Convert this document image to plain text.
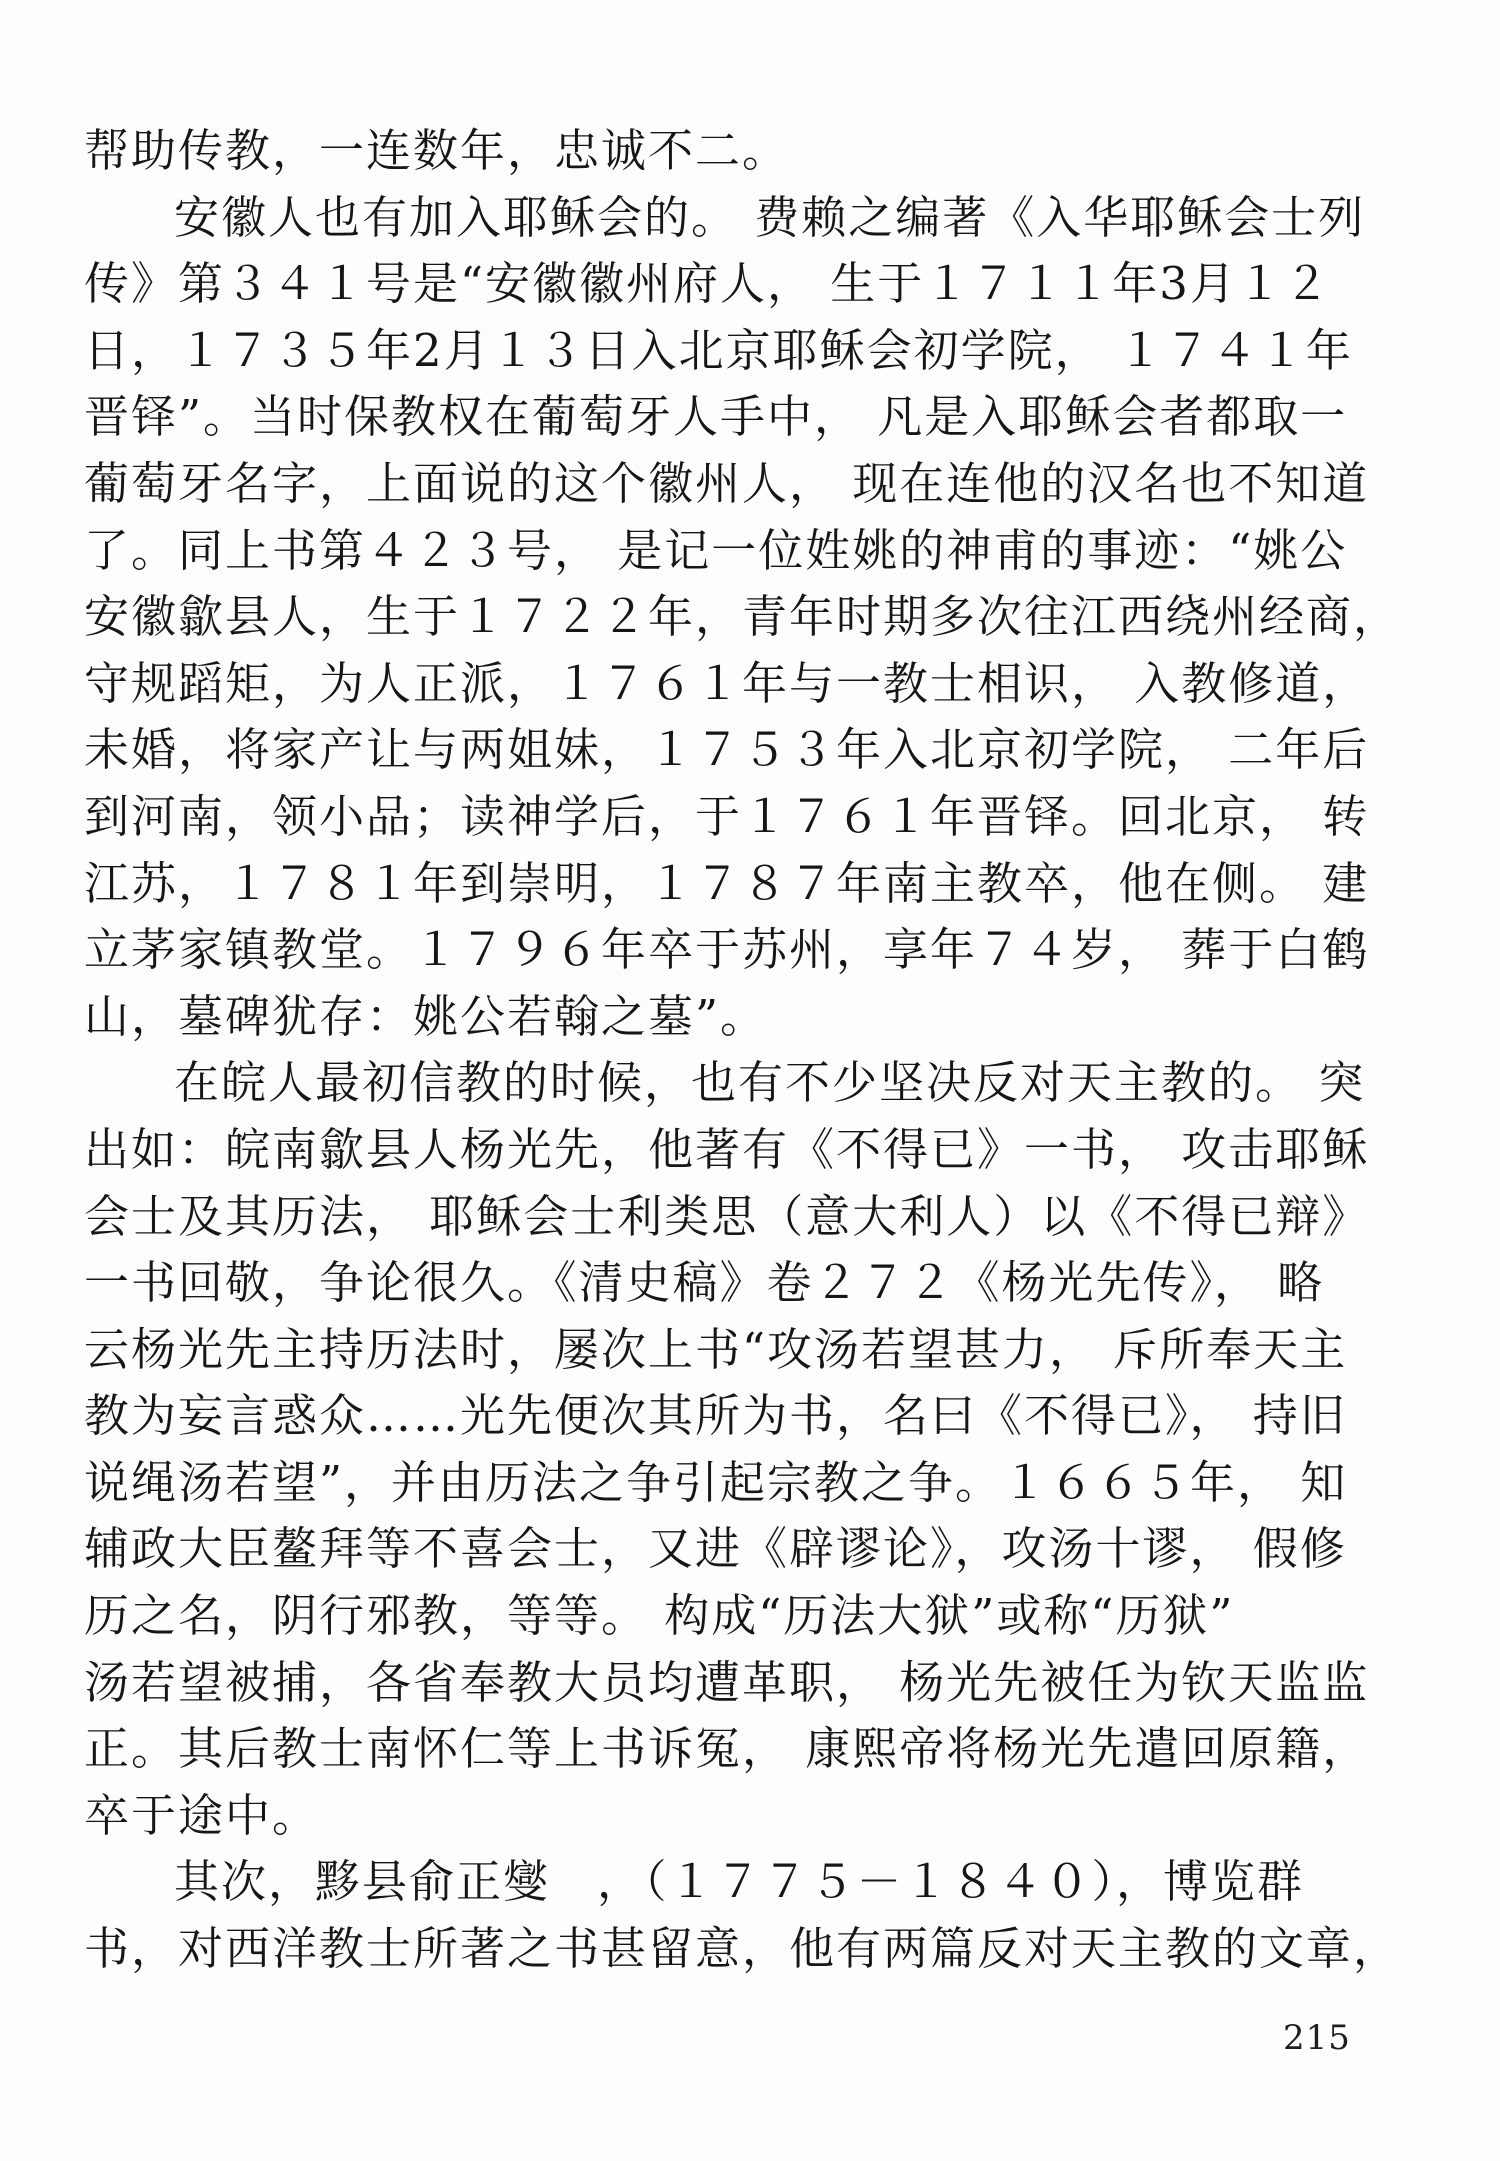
帮助传教，一连数年，忠诚不二。
安徽人也有加入耶稣会的。 费赖之编著《入华耶稣会士列
传》第３４１号是“安徽徽州府人， 生于１７１１年3月１２
日，１７３５年2月１３日入北京耶稣会初学院， １７４１年
晋铎”。当时保教权在葡萄牙人手中， 凡是入耶稣会者都取一
葡萄牙名字，上面说的这个徽州人， 现在连他的汉名也不知道
了。同上书第４２３号， 是记一位姓姚的神甫的事迹：“姚公
安徽歙县人，生于１７２２年，青年时期多次往江西绕州经商，
守规蹈矩，为人正派，１７６１年与一教士相识， 入教修道，
未婚，将家产让与两姐妹，１７５３年入北京初学院， 二年后
到河南，领小品；读神学后，于１７６１年晋铎。回北京， 转
江苏，１７８１年到崇明，１７８７年南主教卒，他在侧。 建
立茅家镇教堂。１７９６年卒于苏州，享年７４岁， 葬于白鹤
山，墓碑犹存：姚公若翰之墓”。
在皖人最初信教的时候，也有不少坚决反对天主教的。 突
出如：皖南歙县人杨光先，他著有《不得已》一书， 攻击耶稣
会士及其历法， 耶稣会士利类思（意大利人）以《不得已辩》
一书回敬，争论很久。《清史稿》卷２７２《杨光先传》， 略
云杨光先主持历法时，屡次上书“攻汤若望甚力， 斥所奉天主
教为妄言惑众……光先便次其所为书，名曰《不得已》， 持旧
说绳汤若望”，并由历法之争引起宗教之争。１６６５年， 知
辅政大臣鳌拜等不喜会士，又进《辟谬论》，攻汤十谬， 假修
历之名，阴行邪教，等等。 构成“历法大狱”或称“历狱”
汤若望被捕，各省奉教大员均遭革职， 杨光先被任为钦天监监
正。其后教士南怀仁等上书诉冤， 康熙帝将杨光先遣回原籍，
卒于途中。
其次，黟县俞正燮　，（１７７５－１８４０），博览群
书，对西洋教士所著之书甚留意，他有两篇反对天主教的文章，
215
